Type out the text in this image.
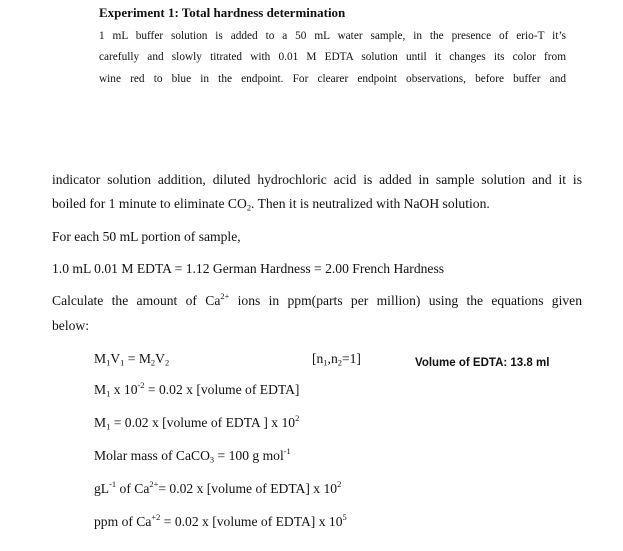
Experiment 1: Total hardness determination
1 mL buffer solution is added to a 50 mL water sample, in the presence of erio-T it’s
carefully and slowly titrated with 0.01 M EDTA solution until it changes its color from
wine red to blue in the endpoint. For clearer endpoint observations, before buffer and
indicator solution addition, diluted hydrochloric acid is added in sample solution and it is
boiled for 1 minute to eliminate $CO_2$. Then it is neutralized with NaOH solution.
For each 50 mL portion of sample,
1.0 mL 0.01 M EDTA = 1.12 German Hardness = 2.00 French Hardness
Calculate the amount of $Ca^{2+}$ ions in ppm(parts per million) using the equations given
below:
$M_1V_1 = M_2V_2$	$[n_1,n_2=1]$	Volume of EDTA: 13.8 ml
$M_1$ x $10^{-2} = 0.02$ x [volume of EDTA]
$M_1 = 0.02$ x [volume of EDTA ] x $10^2$
Molar mass of CaCO$_3$ = 100 g mol$^{-1}$
$gL^{-1}$ of $Ca^{2+}= 0.02$ x [volume of EDTA] x $10^2$
ppm of $Ca^{+2} = 0.02$ x [volume of EDTA] x $10^5$
